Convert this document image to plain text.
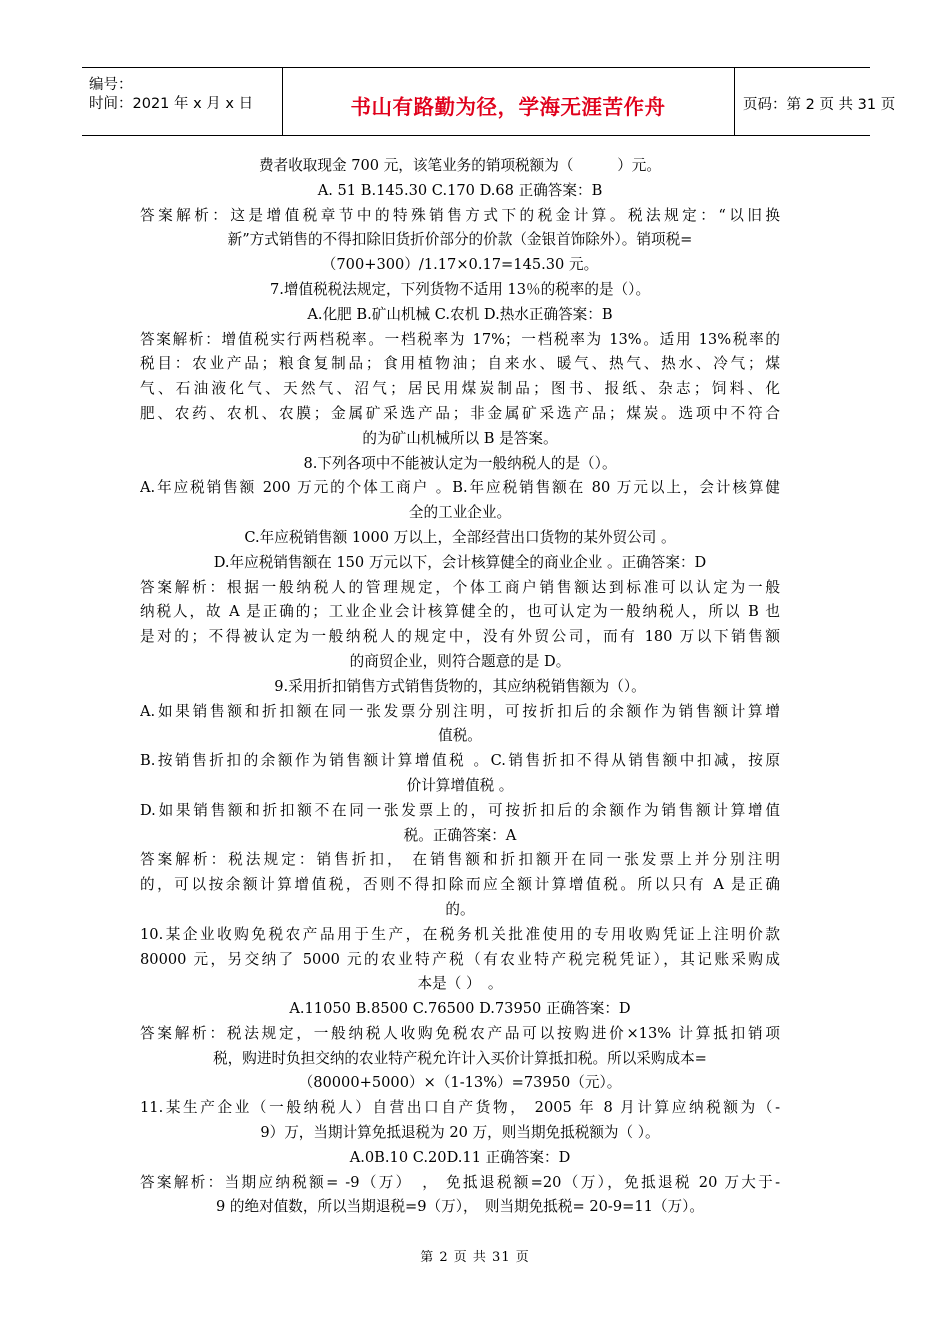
编号：
时间：2021 年 x 月 x 日	书山有路勤为径，学海无涯苦作舟	页码：第 2 页 共 31 页
费者收取现金 700 元，该笔业务的销项税额为（　　　）元。
A. 51 B.145.30 C.170 D.68 正确答案：B
答案解析：这是增值税章节中的特殊销售方式下的税金计算。税法规定：“以旧换
新”方式销售的不得扣除旧货折价部分的价款（金银首饰除外）。销项税=
（700+300）/1.17×0.17=145.30 元。
7.增值税税法规定，下列货物不适用 13％的税率的是（）。
A.化肥 B.矿山机械 C.农机 D.热水正确答案：B
答案解析：增值税实行两档税率。一档税率为 17%；一档税率为 13%。适用 13%税率的
税目：农业产品；粮食复制品；食用植物油；自来水、暖气、热气、热水、冷气；煤
气、石油液化气、天然气、沼气；居民用煤炭制品；图书、报纸、杂志；饲料、化
肥、农药、农机、农膜；金属矿采选产品；非金属矿采选产品；煤炭。选项中不符合
的为矿山机械所以 B 是答案。
8.下列各项中不能被认定为一般纳税人的是（）。
A.年应税销售额 200 万元的个体工商户 。B.年应税销售额在 80 万元以上，会计核算健
全的工业企业。
C.年应税销售额 1000 万以上，全部经营出口货物的某外贸公司 。
D.年应税销售额在 150 万元以下，会计核算健全的商业企业 。正确答案：D
答案解析：根据一般纳税人的管理规定，个体工商户销售额达到标准可以认定为一般
纳税人，故 A 是正确的；工业企业会计核算健全的，也可认定为一般纳税人，所以 B 也
是对的；不得被认定为一般纳税人的规定中，没有外贸公司，而有 180 万以下销售额
的商贸企业，则符合题意的是 D。
9.采用折扣销售方式销售货物的，其应纳税销售额为（）。
A.如果销售额和折扣额在同一张发票分别注明，可按折扣后的余额作为销售额计算增
值税。
B.按销售折扣的余额作为销售额计算增值税 。C.销售折扣不得从销售额中扣减，按原
价计算增值税 。
D.如果销售额和折扣额不在同一张发票上的，可按折扣后的余额作为销售额计算增值
税。正确答案：A
答案解析：税法规定：销售折扣， 在销售额和折扣额开在同一张发票上并分别注明
的，可以按余额计算增值税，否则不得扣除而应全额计算增值税。所以只有 A 是正确
的。
10.某企业收购免税农产品用于生产，在税务机关批准使用的专用收购凭证上注明价款
80000 元，另交纳了 5000 元的农业特产税（有农业特产税完税凭证），其记账采购成
本是（ ）　。
A.11050 B.8500 C.76500 D.73950 正确答案：D
答案解析：税法规定，一般纳税人收购免税农产品可以按购进价×13% 计算抵扣销项
税，购进时负担交纳的农业特产税允许计入买价计算抵扣税。所以采购成本=
（80000+5000）×（1-13%）=73950（元）。
11.某生产企业（一般纳税人）自营出口自产货物， 2005 年 8 月计算应纳税额为（-
9）万，当期计算免抵退税为 20 万，则当期免抵税额为（ ）。
A.0B.10 C.20D.11 正确答案：D
答案解析：当期应纳税额= -9（万）　， 免抵退税额=20（万），免抵退税 20 万大于-
9 的绝对值数，所以当期退税=9（万），　则当期免抵税= 20-9=11（万）。
第 2 页 共 31 页
